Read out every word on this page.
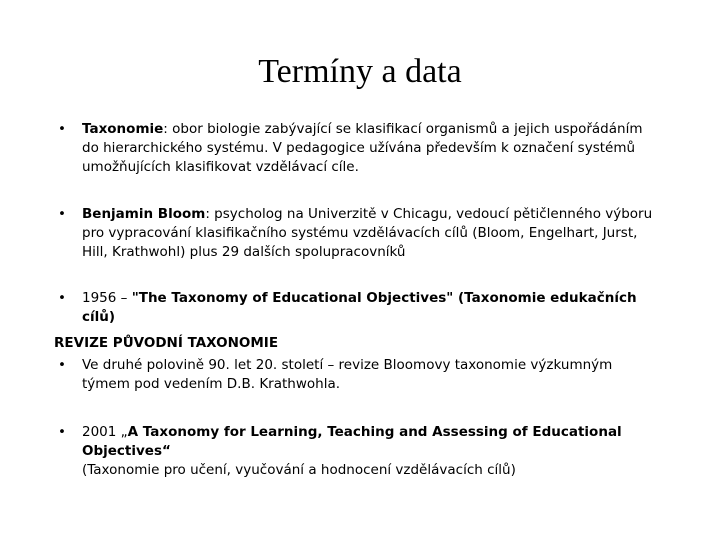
Termíny a data
•	Taxonomie: obor biologie zabývající se klasifikací organismů a jejich uspořádáním do hierarchického systému. V pedagogice užívána především k označení systémů umožňujících klasifikovat vzdělávací cíle.
•	Benjamin Bloom: psycholog na Univerzitě v Chicagu, vedoucí pětičlenného výboru pro vypracování klasifikačního systému vzdělávacích cílů (Bloom, Engelhart, Jurst, Hill, Krathwohl) plus 29 dalších spolupracovníků
•	1956 – "The Taxonomy of Educational Objectives" (Taxonomie edukačních cílů)
REVIZE PŮVODNÍ TAXONOMIE
•	Ve druhé polovině 90. let 20. století – revize Bloomovy taxonomie výzkumným týmem pod vedením D.B. Krathwohla.
•	2001 „A Taxonomy for Learning, Teaching and Assessing of Educational Objectives“
(Taxonomie pro učení, vyučování a hodnocení vzdělávacích cílů)
